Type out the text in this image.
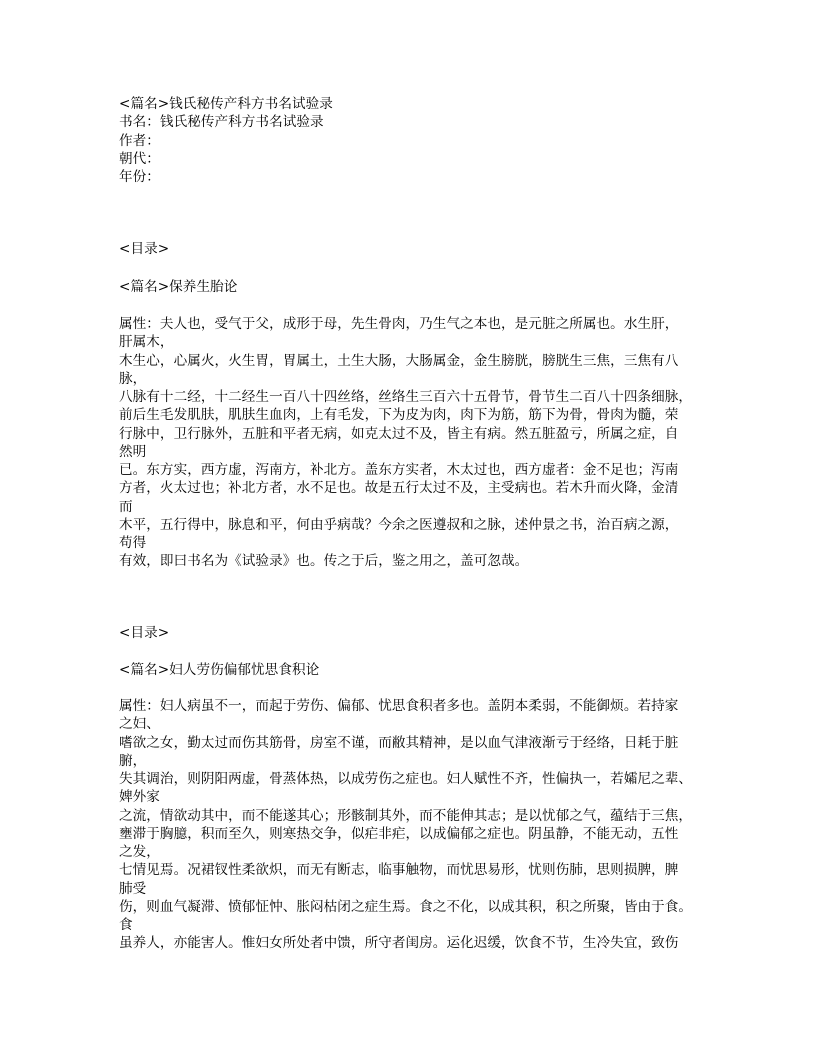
<篇名>钱氏秘传产科方书名试验录
书名：钱氏秘传产科方书名试验录
作者：
朝代：
年份：
<目录>
<篇名>保养生胎论
属性：夫人也，受气于父，成形于母，先生骨肉，乃生气之本也，是元脏之所属也。水生肝，
肝属木，
木生心，心属火，火生胃，胃属土，土生大肠，大肠属金，金生膀胱，膀胱生三焦，三焦有八
脉，
八脉有十二经，十二经生一百八十四丝络，丝络生三百六十五骨节，骨节生二百八十四条细脉，
前后生毛发肌肤，肌肤生血肉，上有毛发，下为皮为肉，肉下为筋，筋下为骨，骨肉为髓，荣
行脉中，卫行脉外，五脏和平者无病，如克太过不及，皆主有病。然五脏盈亏，所属之症，自
然明
已。东方实，西方虚，泻南方，补北方。盖东方实者，木太过也，西方虚者：金不足也；泻南
方者，火太过也；补北方者，水不足也。故是五行太过不及，主受病也。若木升而火降，金清
而
木平，五行得中，脉息和平，何由乎病哉？今余之医遵叔和之脉，述仲景之书，治百病之源，
苟得
有效，即曰书名为《试验录》也。传之于后，鉴之用之，盖可忽哉。
<目录>
<篇名>妇人劳伤偏郁忧思食积论
属性：妇人病虽不一，而起于劳伤、偏郁、忧思食积者多也。盖阴本柔弱，不能御烦。若持家
之妇、
嗜欲之女，勤太过而伤其筋骨，房室不谨，而敝其精神，是以血气津液渐亏于经络，日耗于脏
腑，
失其调治，则阴阳两虚，骨蒸体热，以成劳伤之症也。妇人赋性不齐，性偏执一，若孀尼之辈、
婢外家
之流，情欲动其中，而不能遂其心；形骸制其外，而不能伸其志；是以忧郁之气，蕴结于三焦，
壅滞于胸臆，积而至久，则寒热交争，似疟非疟，以成偏郁之症也。阴虽静，不能无动，五性
之发，
七情见焉。况裙钗性柔欲炽，而无有断志，临事触物，而忧思易形，忧则伤肺，思则损脾，脾
肺受
伤，则血气凝滞、愤郁怔忡、胀闷枯闭之症生焉。食之不化，以成其积，积之所聚，皆由于食。
食
虽养人，亦能害人。惟妇女所处者中馈，所守者闺房。运化迟缓，饮食不节，生冷失宜，致伤
